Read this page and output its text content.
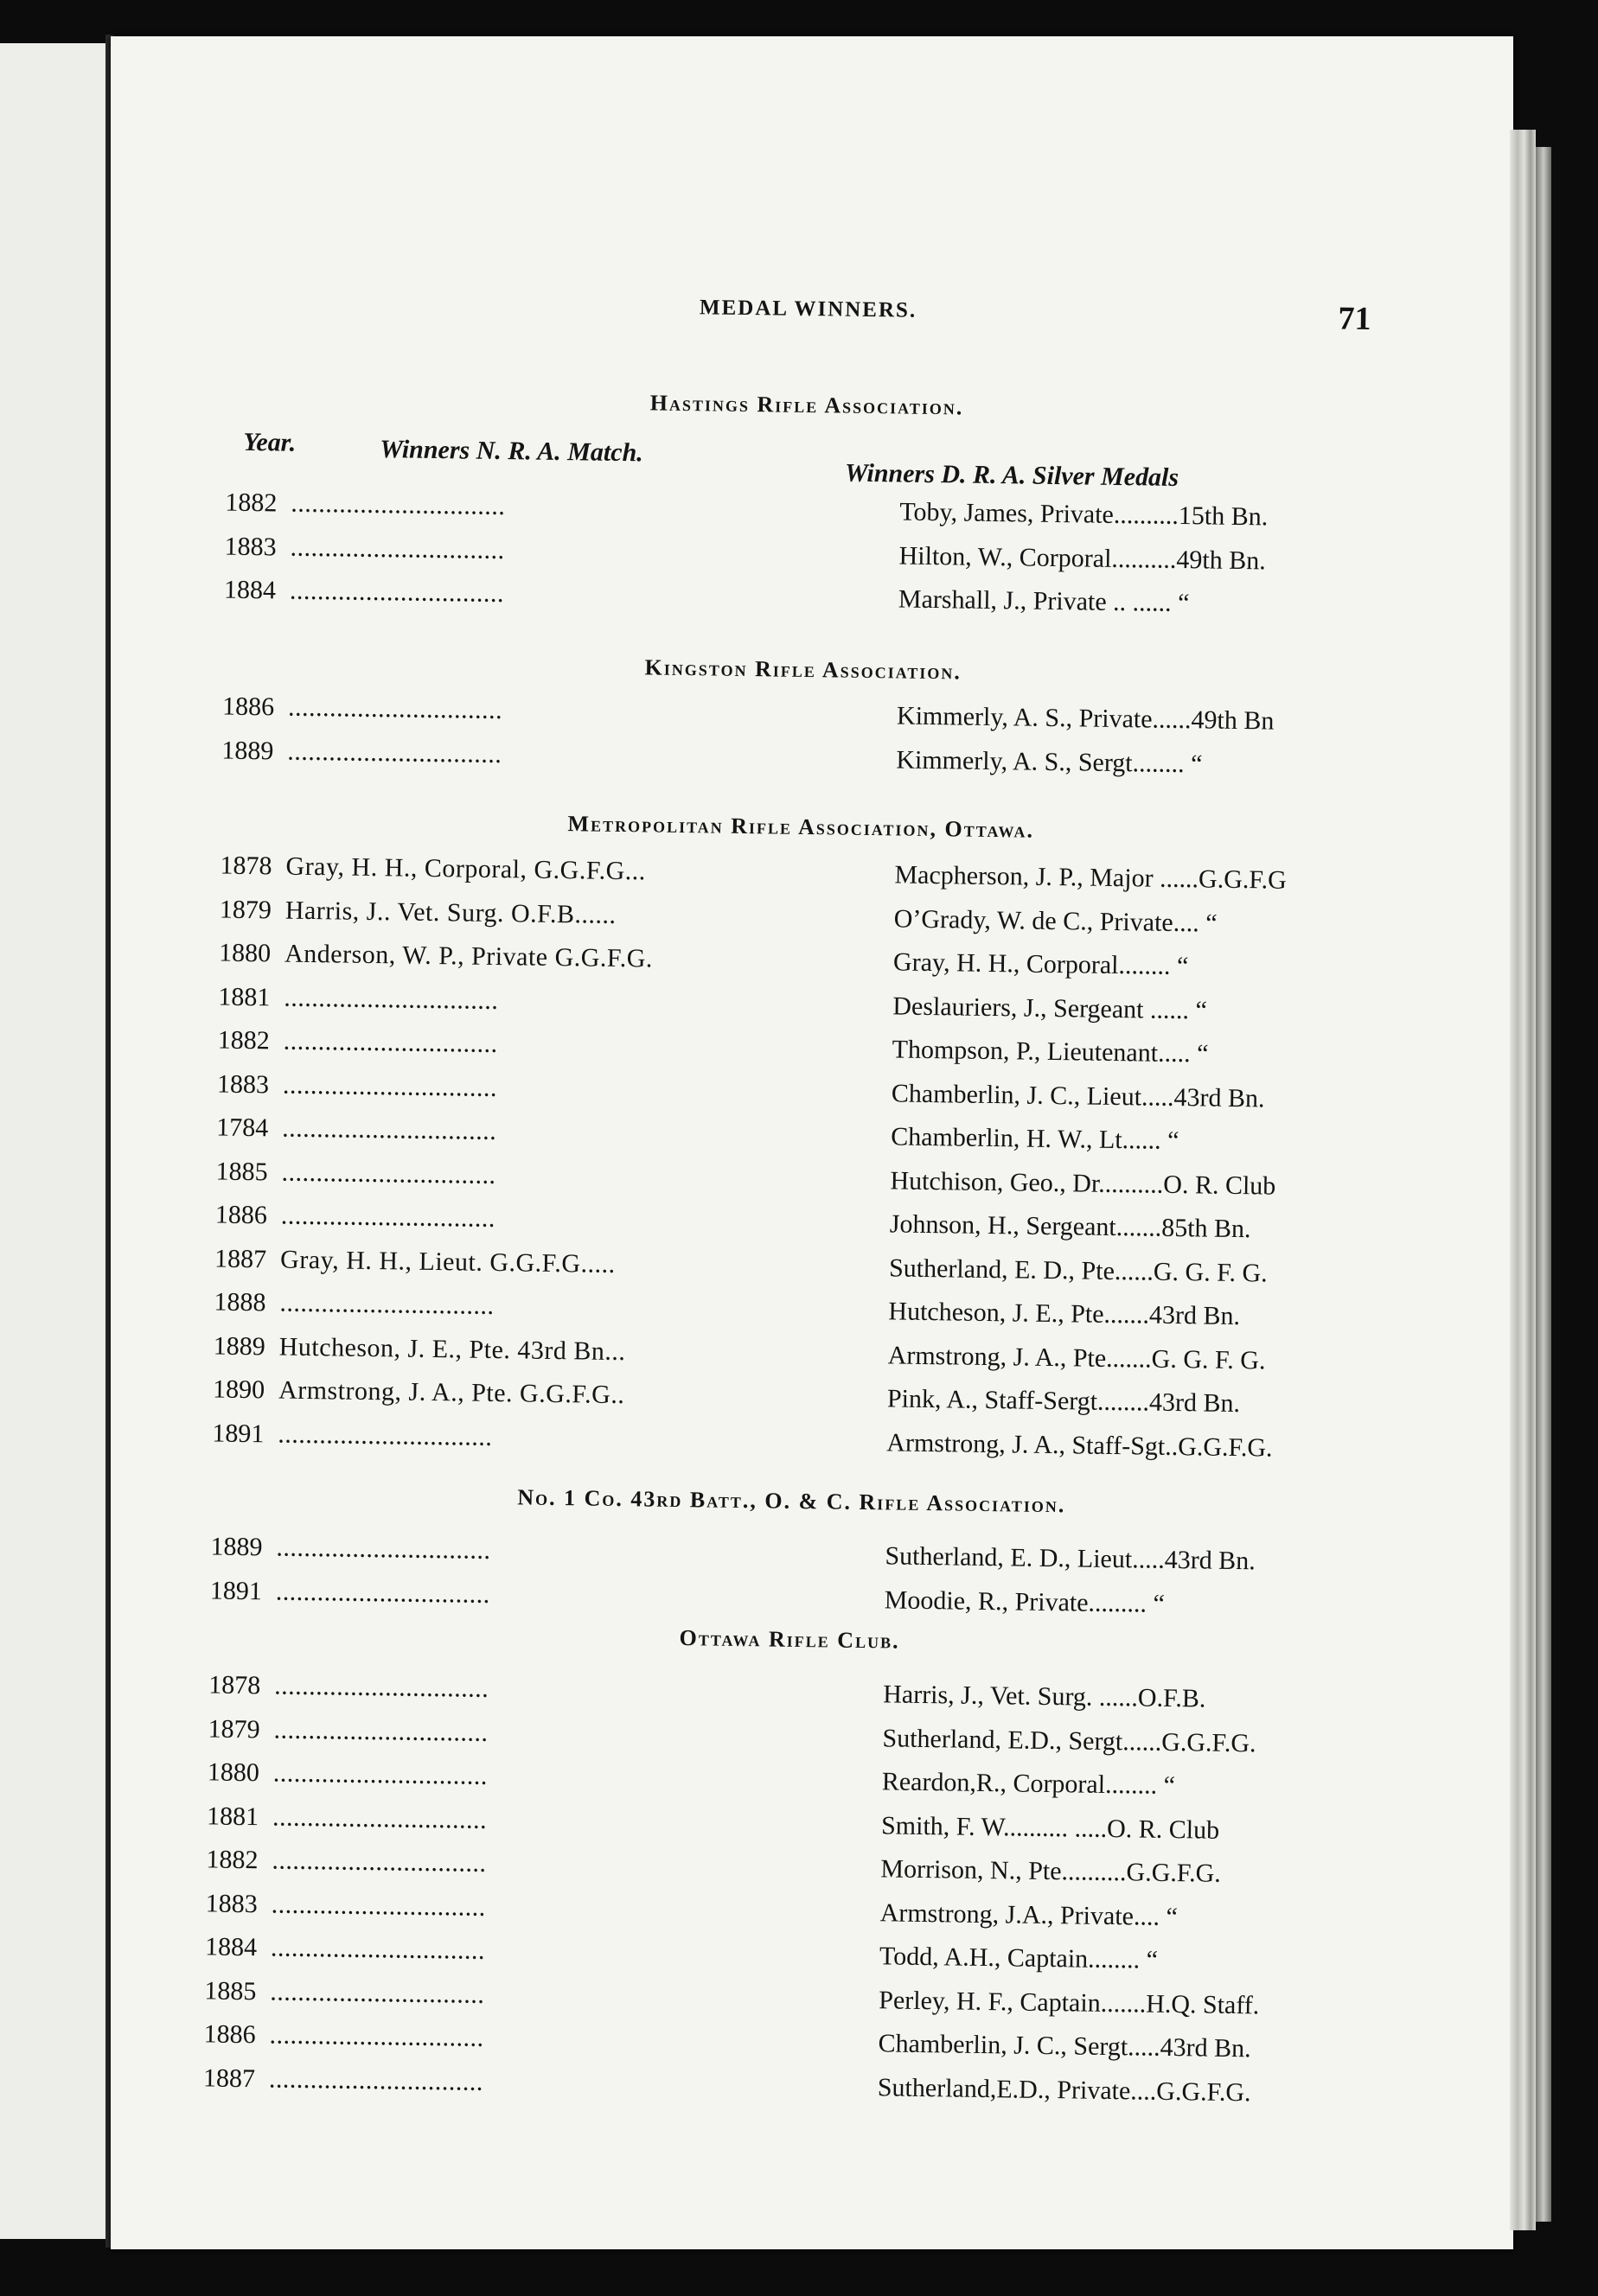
MEDAL WINNERS.	71
Year.	Winners N. R. A. Match.
Winners D. R. A. Silver Medals
Hastings Rifle Association.
1882 ...............................	Toby, James, Private..........15th Bn.
1883 ...............................	Hilton, W., Corporal..........49th Bn.
1884 ...............................	Marshall, J., Private .. ...... “
Kingston Rifle Association.
1886 ...............................	Kimmerly, A. S., Private......49th Bn
1889 ...............................	Kimmerly, A. S., Sergt........ “
Metropolitan Rifle Association, Ottawa.
1878 Gray, H. H., Corporal, G.G.F.G...	Macpherson, J. P., Major ......G.G.F.G
1879 Harris, J.. Vet. Surg. O.F.B......	O’Grady, W. de C., Private.... “
1880 Anderson, W. P., Private G.G.F.G.	Gray, H. H., Corporal........ “
1881 ...............................	Deslauriers, J., Sergeant ...... “
1882 ...............................	Thompson, P., Lieutenant..... “
1883 ...............................	Chamberlin, J. C., Lieut.....43rd Bn.
1784 ...............................	Chamberlin, H. W., Lt...... “
1885 ...............................	Hutchison, Geo., Dr..........O. R. Club
1886 ...............................	Johnson, H., Sergeant.......85th Bn.
1887 Gray, H. H., Lieut. G.G.F.G.....	Sutherland, E. D., Pte......G. G. F. G.
1888 ...............................	Hutcheson, J. E., Pte.......43rd Bn.
1889 Hutcheson, J. E., Pte. 43rd Bn...	Armstrong, J. A., Pte.......G. G. F. G.
1890 Armstrong, J. A., Pte. G.G.F.G..	Pink, A., Staff-Sergt........43rd Bn.
1891 ...............................	Armstrong, J. A., Staff-Sgt..G.G.F.G.
No. 1 Co. 43rd Batt., O. & C. Rifle Association.
1889 ...............................	Sutherland, E. D., Lieut.....43rd Bn.
1891 ...............................	Moodie, R., Private......... “
Ottawa Rifle Club.
1878 ...............................	Harris, J., Vet. Surg. ......O.F.B.
1879 ...............................	Sutherland, E.D., Sergt......G.G.F.G.
1880 ...............................	Reardon,R., Corporal........ “
1881 ...............................	Smith, F. W.......... .....O. R. Club
1882 ...............................	Morrison, N., Pte..........G.G.F.G.
1883 ...............................	Armstrong, J.A., Private.... “
1884 ...............................	Todd, A.H., Captain........ “
1885 ...............................	Perley, H. F., Captain.......H.Q. Staff.
1886 ...............................	Chamberlin, J. C., Sergt.....43rd Bn.
1887 ...............................	Sutherland,E.D., Private....G.G.F.G.
